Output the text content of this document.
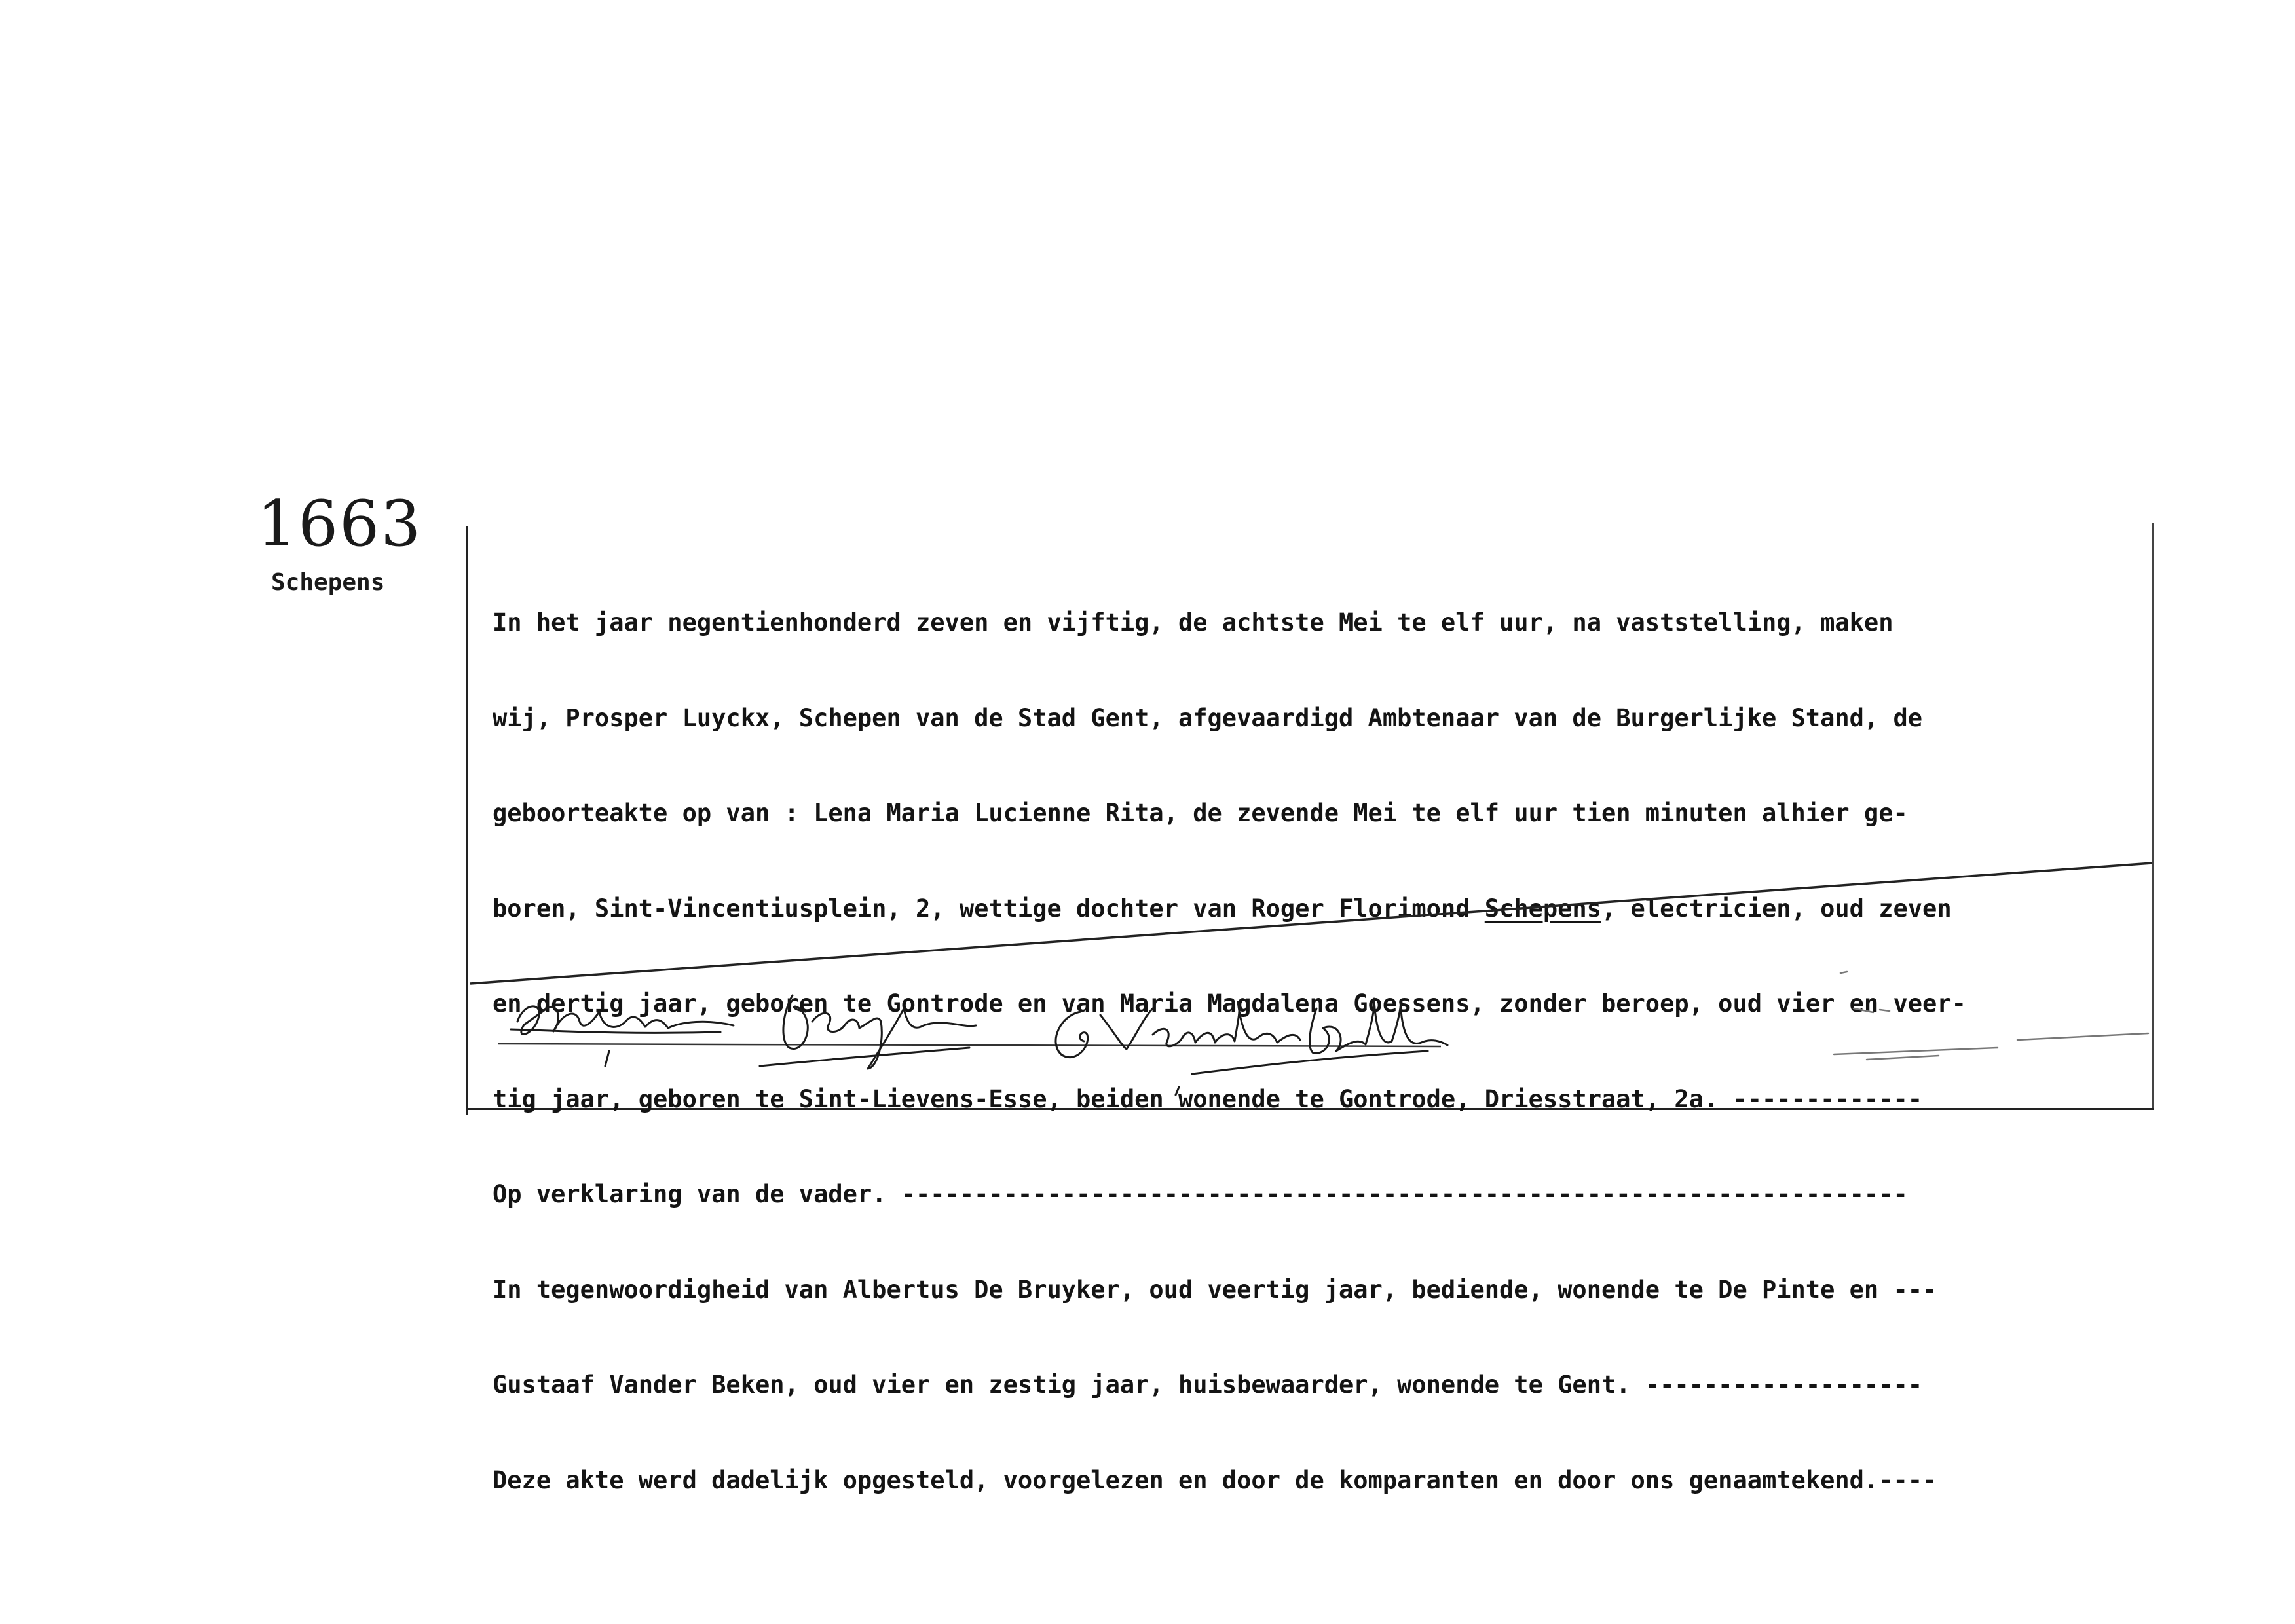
1663
Schepens

In het jaar negentienhonderd zeven en vijftig, de achtste Mei te elf uur, na vaststelling, maken

wij, Prosper Luyckx, Schepen van de Stad Gent, afgevaardigd Ambtenaar van de Burgerlijke Stand, de

geboorteakte op van : Lena Maria Lucienne Rita, de zevende Mei te elf uur tien minuten alhier ge-

boren, Sint-Vincentiusplein, 2, wettige dochter van Roger Florimond Schepens, electricien, oud zeven

en dertig jaar, geboren te Gontrode en van Maria Magdalena Goessens, zonder beroep, oud vier en veer-

tig jaar, geboren te Sint-Lievens-Esse, beiden wonende te Gontrode, Driesstraat, 2a. -------------

Op verklaring van de vader. ---------------------------------------------------------------------

In tegenwoordigheid van Albertus De Bruyker, oud veertig jaar, bediende, wonende te De Pinte en ---

Gustaaf Vander Beken, oud vier en zestig jaar, huisbewaarder, wonende te Gent. -------------------

Deze akte werd dadelijk opgesteld, voorgelezen en door de komparanten en door ons genaamtekend.----
